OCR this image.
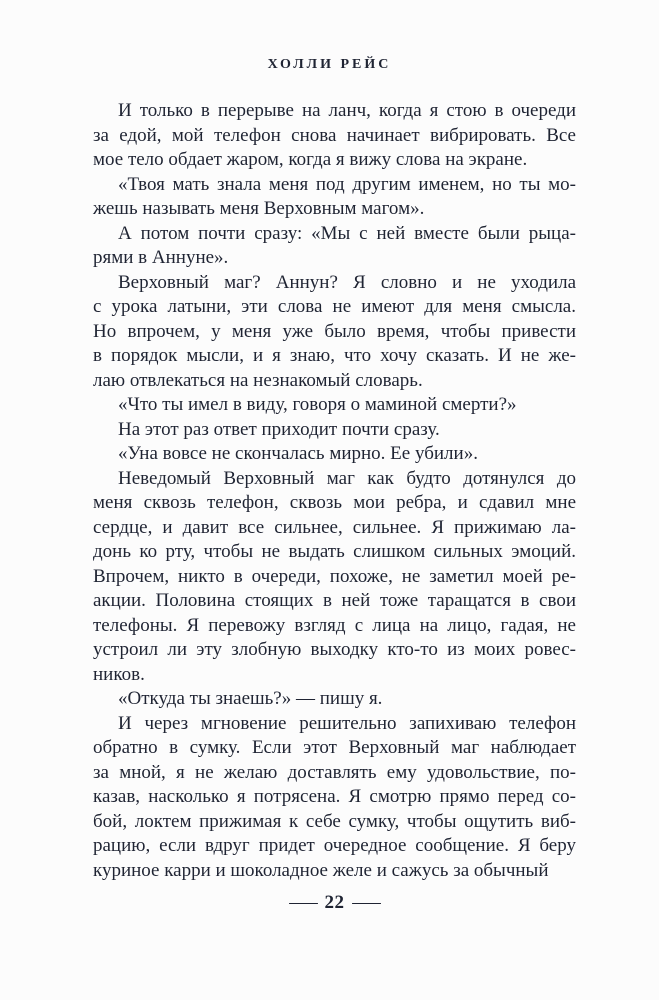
ХОЛЛИ РЕЙС
И только в перерыве на ланч, когда я стою в очереди
за едой, мой телефон снова начинает вибрировать. Все
мое тело обдает жаром, когда я вижу слова на экране.
«Твоя мать знала меня под другим именем, но ты мо-
жешь называть меня Верховным магом».
А потом почти сразу: «Мы с ней вместе были рыца-
рями в Аннуне».
Верховный маг? Аннун? Я словно и не уходила
с урока латыни, эти слова не имеют для меня смысла.
Но впрочем, у меня уже было время, чтобы привести
в порядок мысли, и я знаю, что хочу сказать. И не же-
лаю отвлекаться на незнакомый словарь.
«Что ты имел в виду, говоря о маминой смерти?»
На этот раз ответ приходит почти сразу.
«Уна вовсе не скончалась мирно. Ее убили».
Неведомый Верховный маг как будто дотянулся до
меня сквозь телефон, сквозь мои ребра, и сдавил мне
сердце, и давит все сильнее, сильнее. Я прижимаю ла-
донь ко рту, чтобы не выдать слишком сильных эмоций.
Впрочем, никто в очереди, похоже, не заметил моей ре-
акции. Половина стоящих в ней тоже таращатся в свои
телефоны. Я перевожу взгляд с лица на лицо, гадая, не
устроил ли эту злобную выходку кто-то из моих ровес-
ников.
«Откуда ты знаешь?» — пишу я.
И через мгновение решительно запихиваю телефон
обратно в сумку. Если этот Верховный маг наблюдает
за мной, я не желаю доставлять ему удовольствие, по-
казав, насколько я потрясена. Я смотрю прямо перед со-
бой, локтем прижимая к себе сумку, чтобы ощутить виб-
рацию, если вдруг придет очередное сообщение. Я беру
куриное карри и шоколадное желе и сажусь за обычный
— 22 —
